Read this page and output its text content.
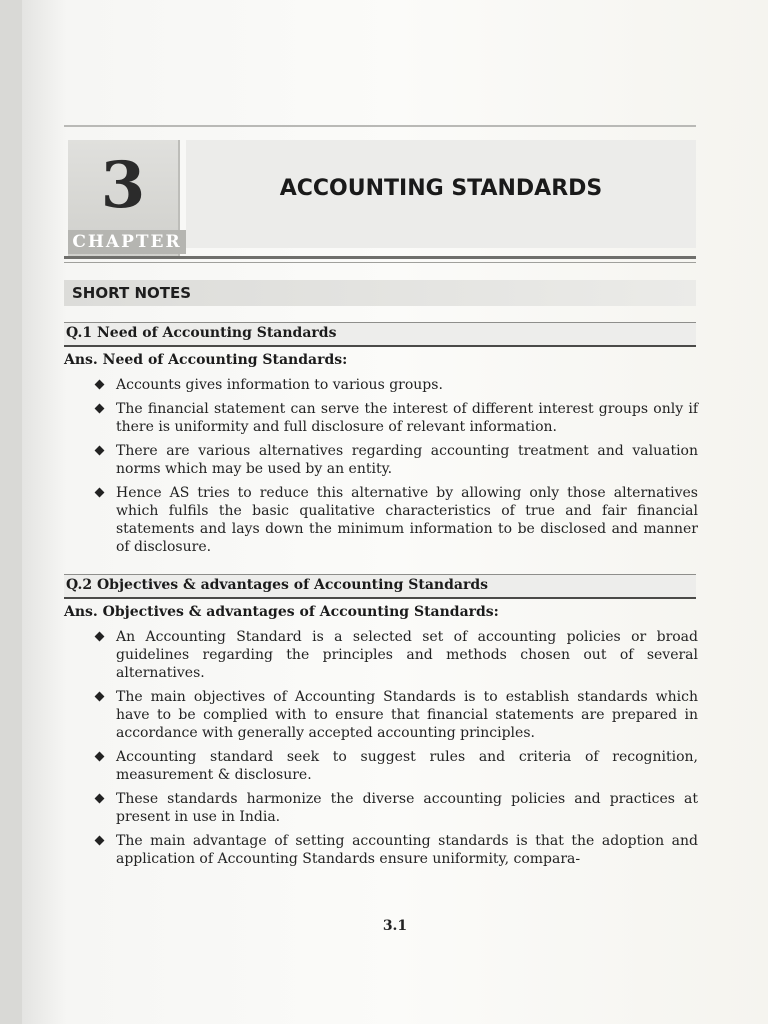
3
CHAPTER
ACCOUNTING STANDARDS
SHORT NOTES
Q.1 Need of Accounting Standards
Ans. Need of Accounting Standards:
Accounts gives information to various groups.
The financial statement can serve the interest of different interest groups only if there is uniformity and full disclosure of relevant information.
There are various alternatives regarding accounting treatment and valuation norms which may be used by an entity.
Hence AS tries to reduce this alternative by allowing only those alternatives which fulfils the basic qualitative characteristics of true and fair financial statements and lays down the minimum information to be disclosed and manner of disclosure.
Q.2 Objectives & advantages of Accounting Standards
Ans. Objectives & advantages of Accounting Standards:
An Accounting Standard is a selected set of accounting policies or broad guidelines regarding the principles and methods chosen out of several alternatives.
The main objectives of Accounting Standards is to establish standards which have to be complied with to ensure that financial statements are prepared in accordance with generally accepted accounting principles.
Accounting standard seek to suggest rules and criteria of recognition, measurement & disclosure.
These standards harmonize the diverse accounting policies and practices at present in use in India.
The main advantage of setting accounting standards is that the adoption and application of Accounting Standards ensure uniformity, compara-
3.1
